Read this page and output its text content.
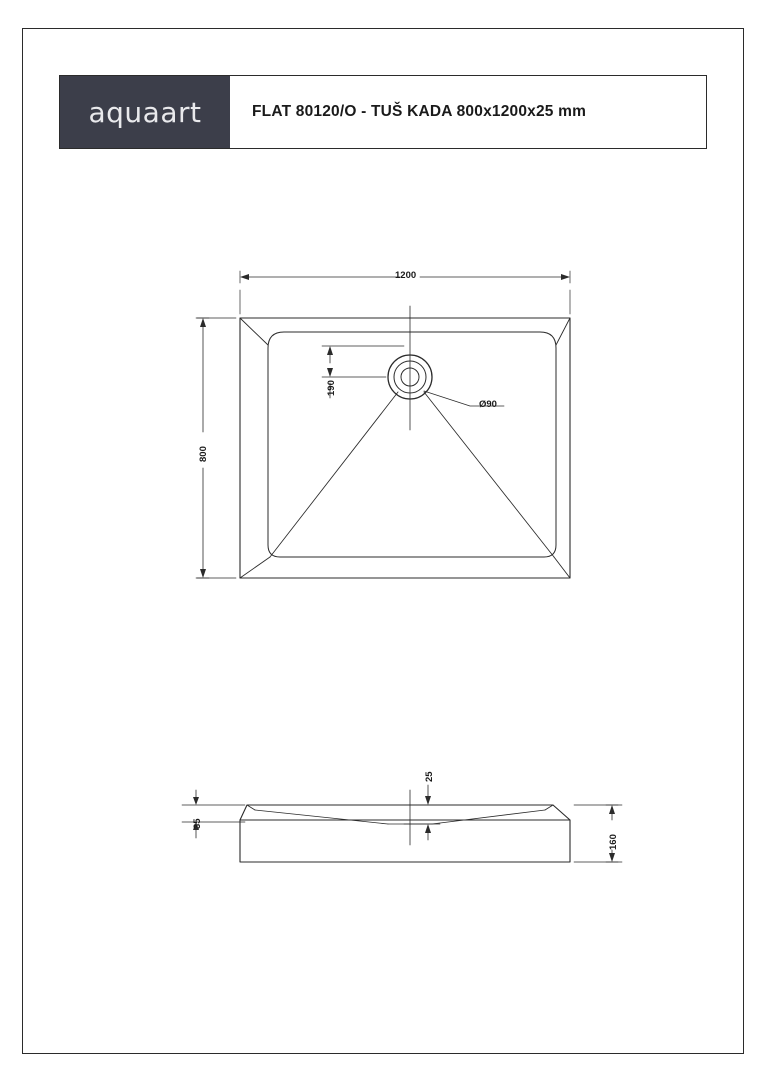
aquaart	FLAT 80120/O - TUŠ KADA 800x1200x25 mm
1200
800
190
Ø90
25
35
160
